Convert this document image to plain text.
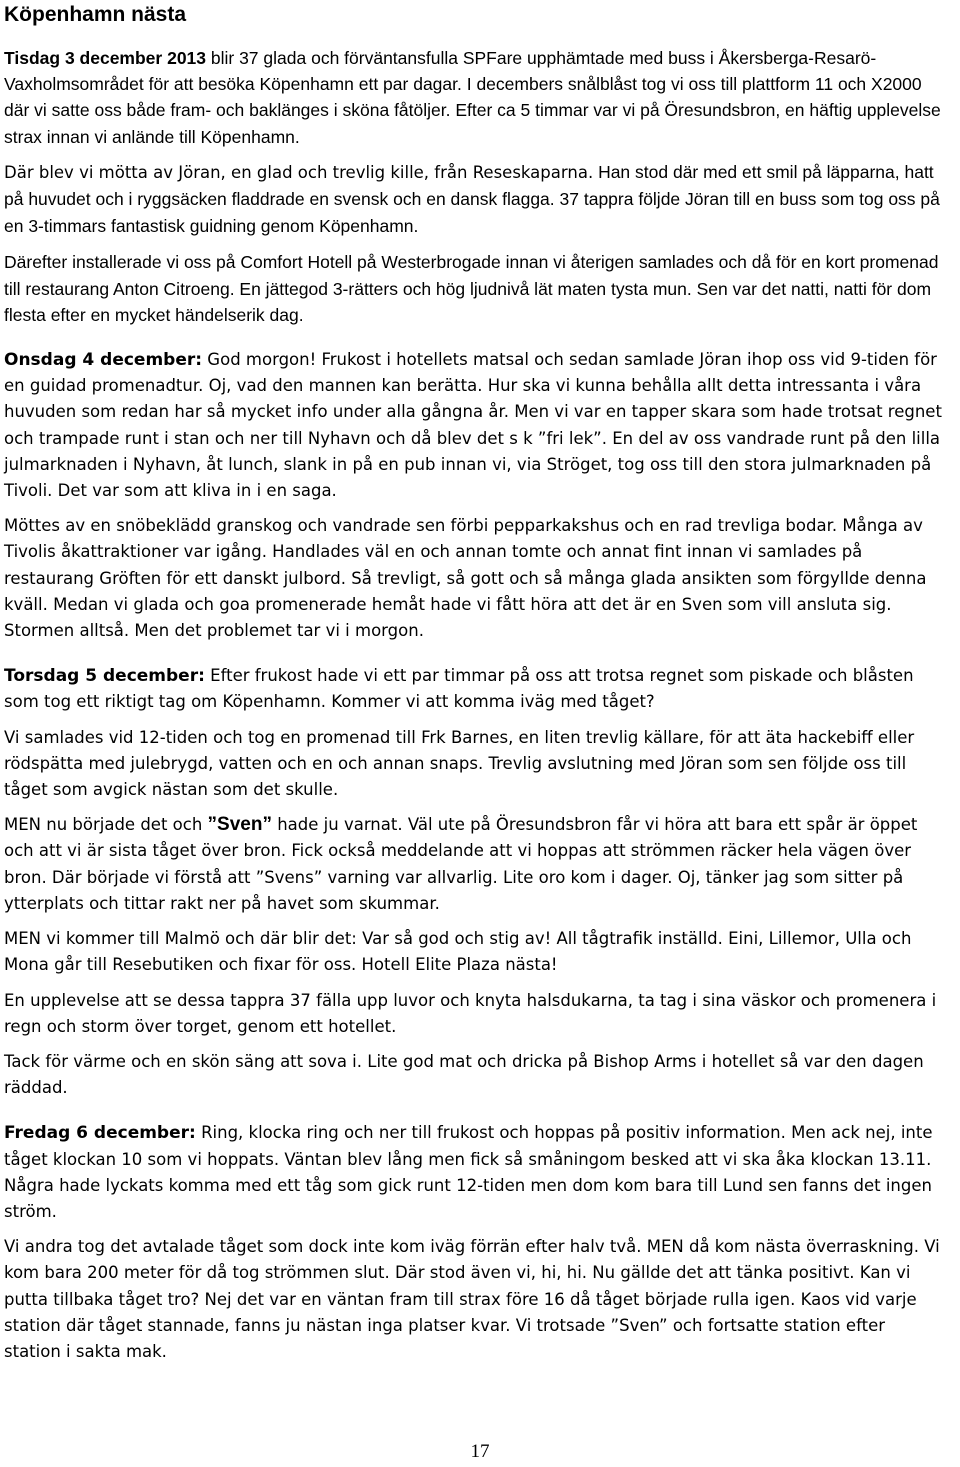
Köpenhamn nästa

Tisdag 3 december 2013 blir 37 glada och förväntansfulla SPFare upphämtade med buss i Åkersberga-Resarö-Vaxholmsområdet för att besöka Köpenhamn ett par dagar. I decembers snålblåst tog vi oss till plattform 11 och X2000 där vi satte oss både fram- och baklänges i sköna fåtöljer. Efter ca 5 timmar var vi på Öresundsbron, en häftig upplevelse strax innan vi anlände till Köpenhamn.

Där blev vi mötta av Jöran, en glad och trevlig kille, från Reseskaparna. Han stod där med ett smil på läpparna, hatt på huvudet och i ryggsäcken fladdrade en svensk och en dansk flagga. 37 tappra följde Jöran till en buss som tog oss på en 3-timmars fantastisk guidning genom Köpenhamn.

Därefter installerade vi oss på Comfort Hotell på Westerbrogade innan vi återigen samlades och då för en kort promenad till restaurang Anton Citroeng. En jättegod 3-rätters och hög ljudnivå lät maten tysta mun. Sen var det natti, natti för dom flesta efter en mycket händelserik dag.

Onsdag 4 december: God morgon! Frukost i hotellets matsal och sedan samlade Jöran ihop oss vid 9-tiden för en guidad promenadtur. Oj, vad den mannen kan berätta. Hur ska vi kunna behålla allt detta intressanta i våra huvuden som redan har så mycket info under alla gångna år. Men vi var en tapper skara som hade trotsat regnet och trampade runt i stan och ner till Nyhavn och då blev det s k ”fri lek”. En del av oss vandrade runt på den lilla julmarknaden i Nyhavn, åt lunch, slank in på en pub innan vi, via Ströget, tog oss till den stora julmarknaden på Tivoli. Det var som att kliva in i en saga.

Möttes av en snöbeklädd granskog och vandrade sen förbi pepparkakshus och en rad trevliga bodar. Många av Tivolis åkattraktioner var igång. Handlades väl en och annan tomte och annat fint innan vi samlades på restaurang Gröften för ett danskt julbord. Så trevligt, så gott och så många glada ansikten som förgyllde denna kväll. Medan vi glada och goa promenerade hemåt hade vi fått höra att det är en Sven som vill ansluta sig. Stormen alltså. Men det problemet tar vi i morgon.

Torsdag 5 december: Efter frukost hade vi ett par timmar på oss att trotsa regnet som piskade och blåsten som tog ett riktigt tag om Köpenhamn. Kommer vi att komma iväg med tåget?

Vi samlades vid 12-tiden och tog en promenad till Frk Barnes, en liten trevlig källare, för att äta hackebiff eller rödspätta med julebrygd, vatten och en och annan snaps. Trevlig avslutning med Jöran som sen följde oss till tåget som avgick nästan som det skulle.

MEN nu började det och ”Sven” hade ju varnat. Väl ute på Öresundsbron får vi höra att bara ett spår är öppet och att vi är sista tåget över bron. Fick också meddelande att vi hoppas att strömmen räcker hela vägen över bron. Där började vi förstå att ”Svens” varning var allvarlig. Lite oro kom i dager. Oj, tänker jag som sitter på ytterplats och tittar rakt ner på havet som skummar.

MEN vi kommer till Malmö och där blir det: Var så god och stig av! All tågtrafik inställd. Eini, Lillemor, Ulla och Mona går till Resebutiken och fixar för oss. Hotell Elite Plaza nästa!

En upplevelse att se dessa tappra 37 fälla upp luvor och knyta halsdukarna, ta tag i sina väskor och promenera i regn och storm över torget, genom ett hotellet.

Tack för värme och en skön säng att sova i. Lite god mat och dricka på Bishop Arms i hotellet så var den dagen räddad.

Fredag 6 december: Ring, klocka ring och ner till frukost och hoppas på positiv information. Men ack nej, inte tåget klockan 10 som vi hoppats. Väntan blev lång men fick så småningom besked att vi ska åka klockan 13.11. Några hade lyckats komma med ett tåg som gick runt 12-tiden men dom kom bara till Lund sen fanns det ingen ström.

Vi andra tog det avtalade tåget som dock inte kom iväg förrän efter halv två. MEN då kom nästa överraskning. Vi kom bara 200 meter för då tog strömmen slut. Där stod även vi, hi, hi. Nu gällde det att tänka positivt. Kan vi putta tillbaka tåget tro? Nej det var en väntan fram till strax före 16 då tåget började rulla igen. Kaos vid varje station där tåget stannade, fanns ju nästan inga platser kvar. Vi trotsade ”Sven” och fortsatte station efter station i sakta mak.

17
